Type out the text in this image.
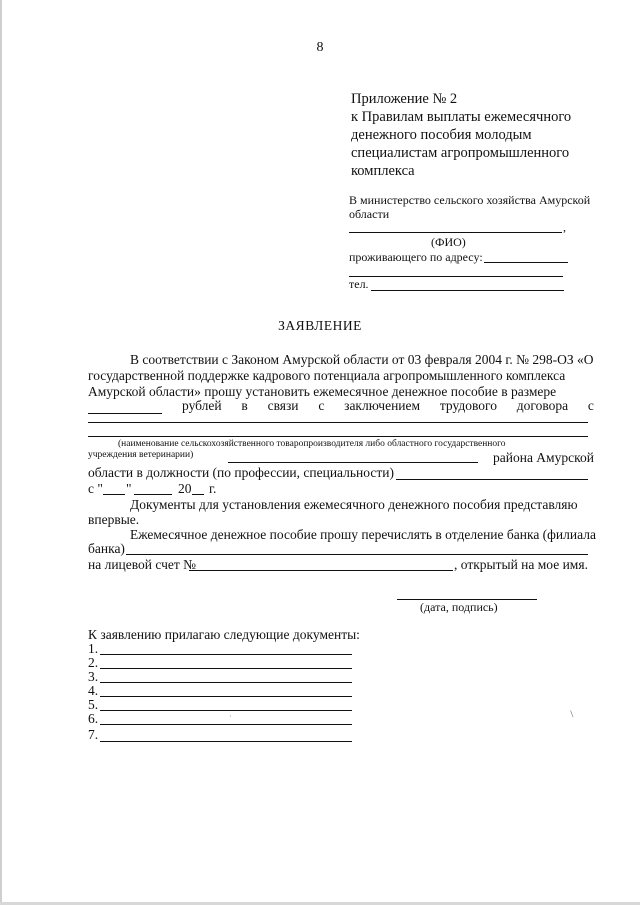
8
Приложение № 2
к Правилам выплаты ежемесячного
денежного пособия молодым
специалистам агропромышленного
комплекса
В министерство сельского хозяйства Амурской
области
,
(ФИО)
проживающего по адресу:
тел.
ЗАЯВЛЕНИЕ
В соответствии с Законом Амурской области от 03 февраля 2004 г. № 298-ОЗ «О
государственной поддержке кадрового потенциала агропромышленного комплекса
Амурской области» прошу установить ежемесячное денежное пособие в размере
рублей в связи с заключением трудового договора с
(наименование сельскохозяйственного товаропроизводителя либо областного государственного
учреждения ветеринарии)	района Амурской
области в должности (по профессии, специальности)
с " "	20 г.
Документы для установления ежемесячного денежного пособия представляю
впервые.
Ежемесячное денежное пособие прошу перечислять в отделение банка (филиала
банка)
на лицевой счет №	, открытый на мое имя.
(дата, подпись)
К заявлению прилагаю следующие документы:
1.
2.
3.
4.
5.
6.
7.
·	/
